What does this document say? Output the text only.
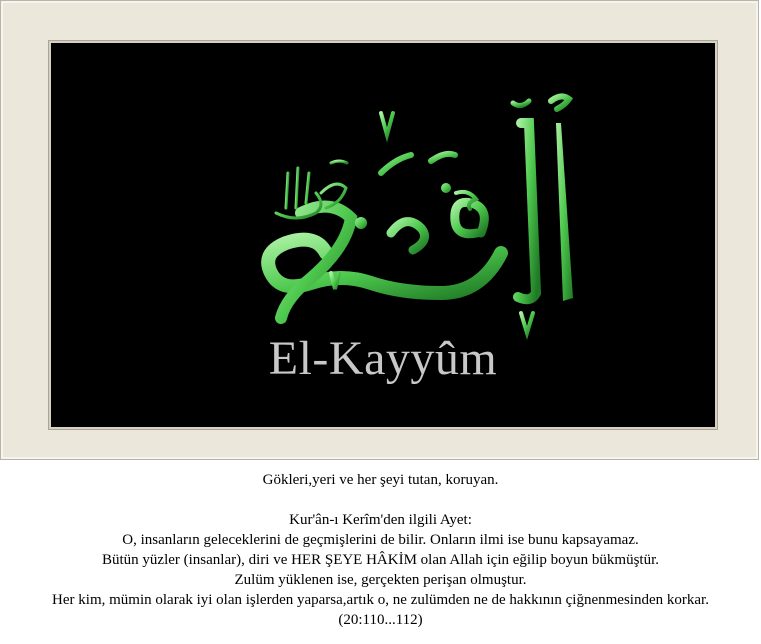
El-Kayyûm
Gökleri,yeri ve her şeyi tutan, koruyan.
Kur'ân-ı Kerîm'den ilgili Ayet:
O, insanların geleceklerini de geçmişlerini de bilir. Onların ilmi ise bunu kapsayamaz.
Bütün yüzler (insanlar), diri ve HER ŞEYE HÂKİM olan Allah için eğilip boyun bükmüştür.
Zulüm yüklenen ise, gerçekten perişan olmuştur.
Her kim, mümin olarak iyi olan işlerden yaparsa,artık o, ne zulümden ne de hakkının çiğnenmesinden korkar.
(20:110...112)
